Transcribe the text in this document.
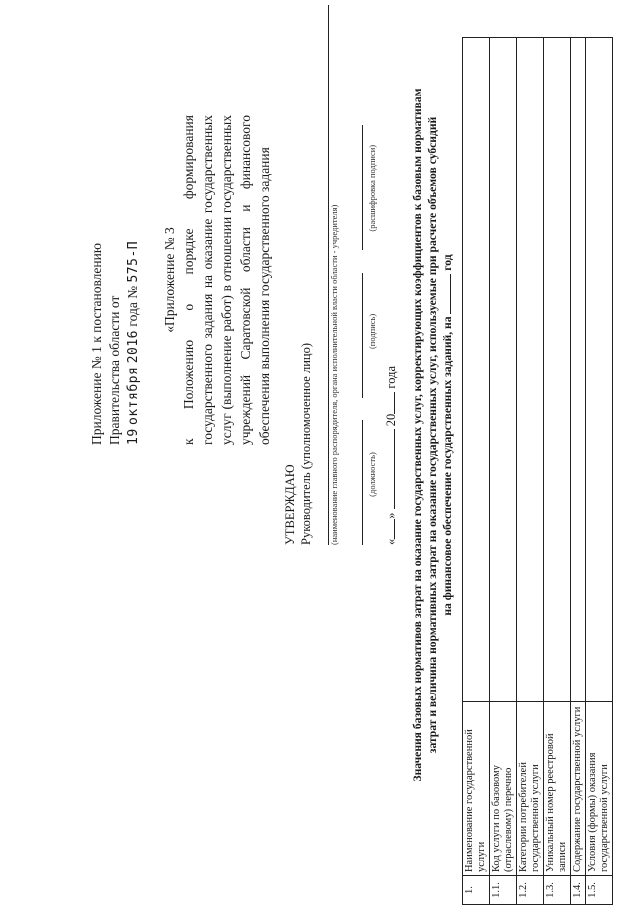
Приложение № 1 к постановлению Правительства области от 19 октября 2016 года № 575-П «Приложение № 3 к Положению о порядке формирования государственного задания на оказание государственных услуг (выполнение работ) в отношении государственных учреждений Саратовской области и финансового обеспечения выполнения государственного задания
УТВЕРЖДАЮ Руководитель (уполномоченное лицо) (наименование главного распорядителя, органа исполнительной власти области - учредителя)
	(должность) (подпись) (расшифровка подписи)
«»  20 года Значения базовых нормативов затрат на оказание государственных услуг, корректирующих коэффициентов к базовым нормативам затрат и величина нормативных затрат на оказание государственных услуг, используемые при расчете объемов субсидий на финансовое обеспечение государственных заданий, на  год
1.	Наименование государственной услуги	
1.1.	Код услуги по базовому (отраслевому) перечню	
1.2.	Категории потребителей государственной услуги	
1.3.	Уникальный номер реестровой записи	
1.4.	Содержание государственной услуги	
1.5.	Условия (формы) оказания государственной услуги	
